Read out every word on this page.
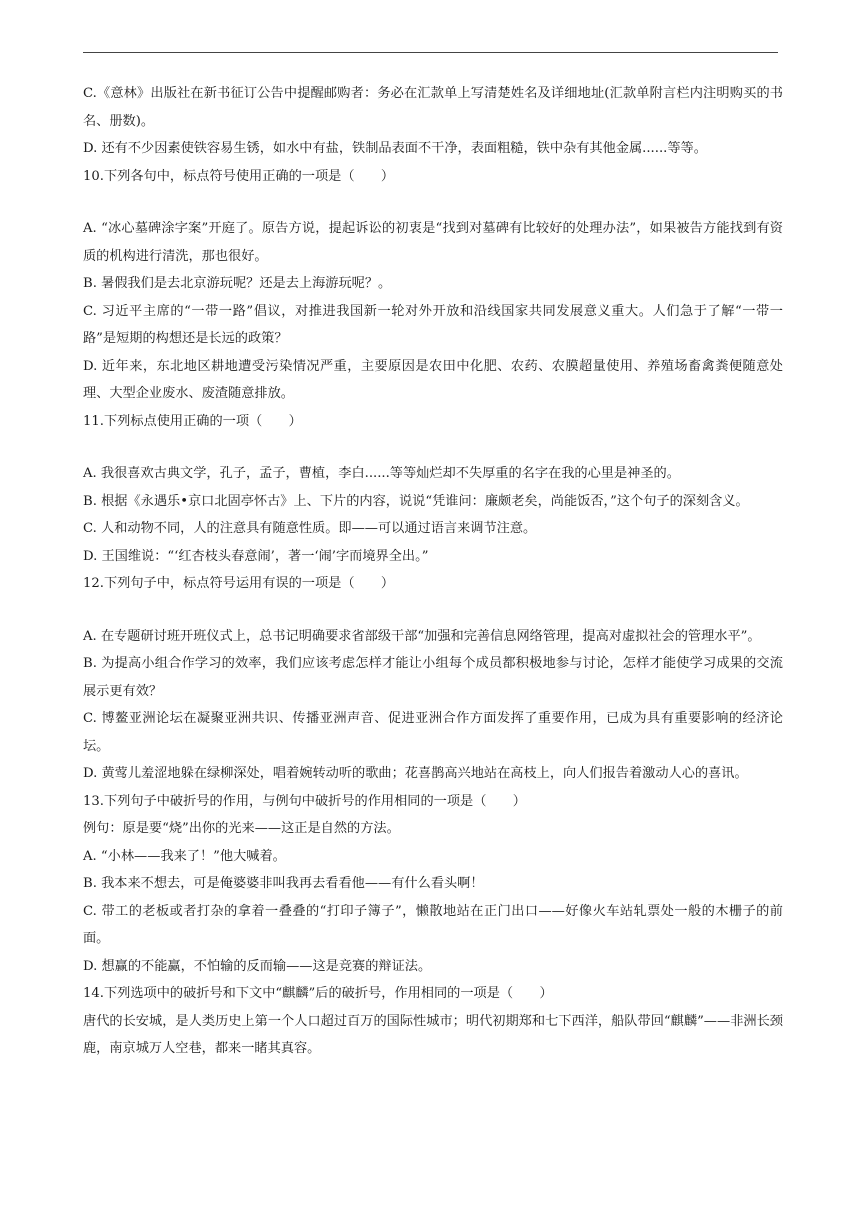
C.《意林》出版社在新书征订公告中提醒邮购者：务必在汇款单上写清楚姓名及详细地址(汇款单附言栏内注明购买的书名、册数)。

D. 还有不少因素使铁容易生锈，如水中有盐，铁制品表面不干净，表面粗糙，铁中杂有其他金属......等等。

10.下列各句中，标点符号使用正确的一项是（　　）

A. “冰心墓碑涂字案”开庭了。原告方说，提起诉讼的初衷是“找到对墓碑有比较好的处理办法”，如果被告方能找到有资质的机构进行清洗，那也很好。

B. 暑假我们是去北京游玩呢？还是去上海游玩呢？。

C. 习近平主席的“一带一路”倡议，对推进我国新一轮对外开放和沿线国家共同发展意义重大。人们急于了解“一带一路”是短期的构想还是长远的政策？

D. 近年来，东北地区耕地遭受污染情况严重，主要原因是农田中化肥、农药、农膜超量使用、养殖场畜禽粪便随意处理、大型企业废水、废渣随意排放。

11.下列标点使用正确的一项（　　）

A. 我很喜欢古典文学，孔子，孟子，曹植，李白......等等灿烂却不失厚重的名字在我的心里是神圣的。

B. 根据《永遇乐•京口北固亭怀古》上、下片的内容，说说“凭谁问：廉颇老矣，尚能饭否，”这个句子的深刻含义。

C. 人和动物不同，人的注意具有随意性质。即——可以通过语言来调节注意。

D. 王国维说：“‘红杏枝头春意闹’，著一‘闹’字而境界全出。”

12.下列句子中，标点符号运用有误的一项是（　　）

A. 在专题研讨班开班仪式上，总书记明确要求省部级干部“加强和完善信息网络管理，提高对虚拟社会的管理水平”。

B. 为提高小组合作学习的效率，我们应该考虑怎样才能让小组每个成员都积极地参与讨论，怎样才能使学习成果的交流展示更有效？

C. 博鳌亚洲论坛在凝聚亚洲共识、传播亚洲声音、促进亚洲合作方面发挥了重要作用，已成为具有重要影响的经济论坛。

D. 黄莺儿羞涩地躲在绿柳深处，唱着婉转动听的歌曲；花喜鹊高兴地站在高枝上，向人们报告着激动人心的喜讯。

13.下列句子中破折号的作用，与例句中破折号的作用相同的一项是（　　）

例句：原是要“烧”出你的光来——这正是自然的方法。

A. “小林——我来了！”他大喊着。

B. 我本来不想去，可是俺婆婆非叫我再去看看他——有什么看头啊！

C. 带工的老板或者打杂的拿着一叠叠的“打印子簿子”，懒散地站在正门出口——好像火车站轧票处一般的木栅子的前面。

D. 想赢的不能赢，不怕输的反而输——这是竞赛的辩证法。

14.下列选项中的破折号和下文中“麒麟”后的破折号，作用相同的一项是（　　）

唐代的长安城，是人类历史上第一个人口超过百万的国际性城市；明代初期郑和七下西洋，船队带回“麒麟”——非洲长颈鹿，南京城万人空巷，都来一睹其真容。
